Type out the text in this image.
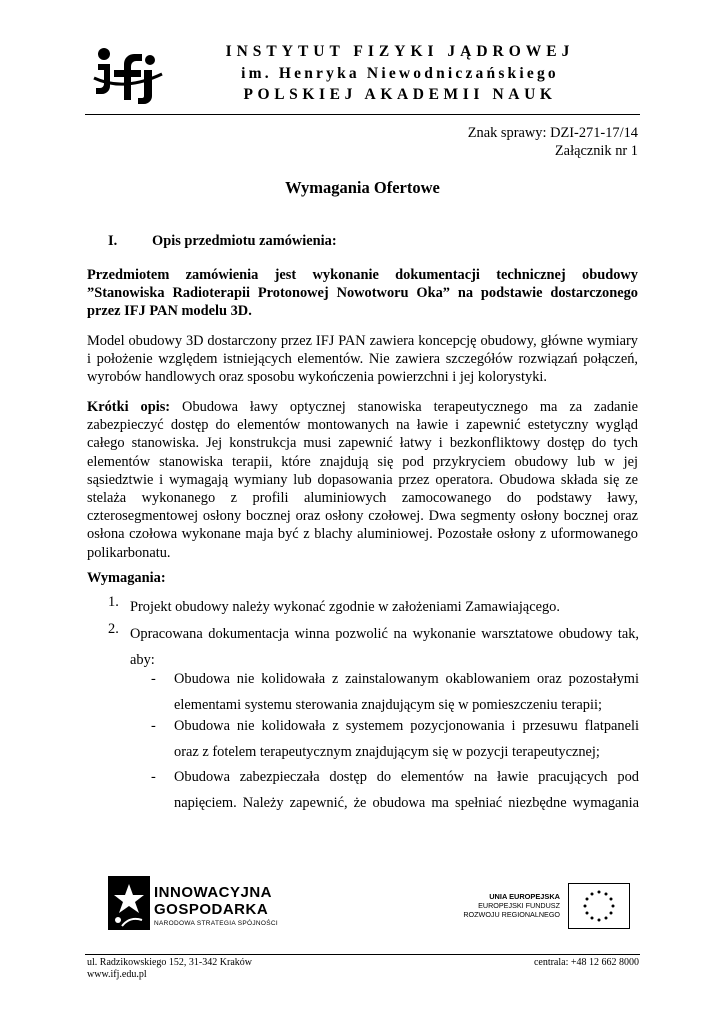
INSTYTUT FIZYKI JĄDROWEJ
im. Henryka Niewodniczańskiego
POLSKIEJ AKADEMII NAUK
Znak sprawy: DZI-271-17/14
Załącznik nr 1
Wymagania Ofertowe
I. Opis przedmiotu zamówienia:

Przedmiotem zamówienia jest wykonanie dokumentacji technicznej obudowy ”Stanowiska Radioterapii Protonowej Nowotworu Oka” na podstawie dostarczonego przez IFJ PAN modelu 3D.

Model obudowy 3D dostarczony przez IFJ PAN zawiera koncepcję obudowy, główne wymiary i położenie względem istniejących elementów. Nie zawiera szczegółów rozwiązań połączeń, wyrobów handlowych oraz sposobu wykończenia powierzchni i jej kolorystyki.

Krótki opis: Obudowa ławy optycznej stanowiska terapeutycznego ma za zadanie zabezpieczyć dostęp do elementów montowanych na ławie i zapewnić estetyczny wygląd całego stanowiska. Jej konstrukcja musi zapewnić łatwy i bezkonfliktowy dostęp do tych elementów stanowiska terapii, które znajdują się pod przykryciem obudowy lub w jej sąsiedztwie i wymagają wymiany lub dopasowania przez operatora. Obudowa składa się ze stelaża wykonanego z profili aluminiowych zamocowanego do podstawy ławy, czterosegmentowej osłony bocznej oraz osłony czołowej. Dwa segmenty osłony bocznej oraz osłona czołowa wykonane maja być z blachy aluminiowej. Pozostałe osłony z uformowanego polikarbonatu.

Wymagania:
1. Projekt obudowy należy wykonać zgodnie w założeniami Zamawiającego.
2. Opracowana dokumentacja winna pozwolić na wykonanie warsztatowe obudowy tak, aby:
- Obudowa nie kolidowała z zainstalowanym okablowaniem oraz pozostałymi elementami systemu sterowania znajdującym się w pomieszczeniu terapii;
- Obudowa nie kolidowała z systemem pozycjonowania i przesuwu flatpaneli oraz z fotelem terapeutycznym znajdującym się w pozycji terapeutycznej;
- Obudowa zabezpieczała dostęp do elementów na ławie pracujących pod napięciem. Należy zapewnić, że obudowa ma spełniać niezbędne wymagania
INNOWACYJNA
GOSPODARKA
NARODOWA STRATEGIA SPÓJNOŚCI
UNIA EUROPEJSKA
EUROPEJSKI FUNDUSZ
ROZWOJU REGIONALNEGO
ul. Radzikowskiego 152, 31-342 Kraków
www.ifj.edu.pl
centrala: +48 12 662 8000
